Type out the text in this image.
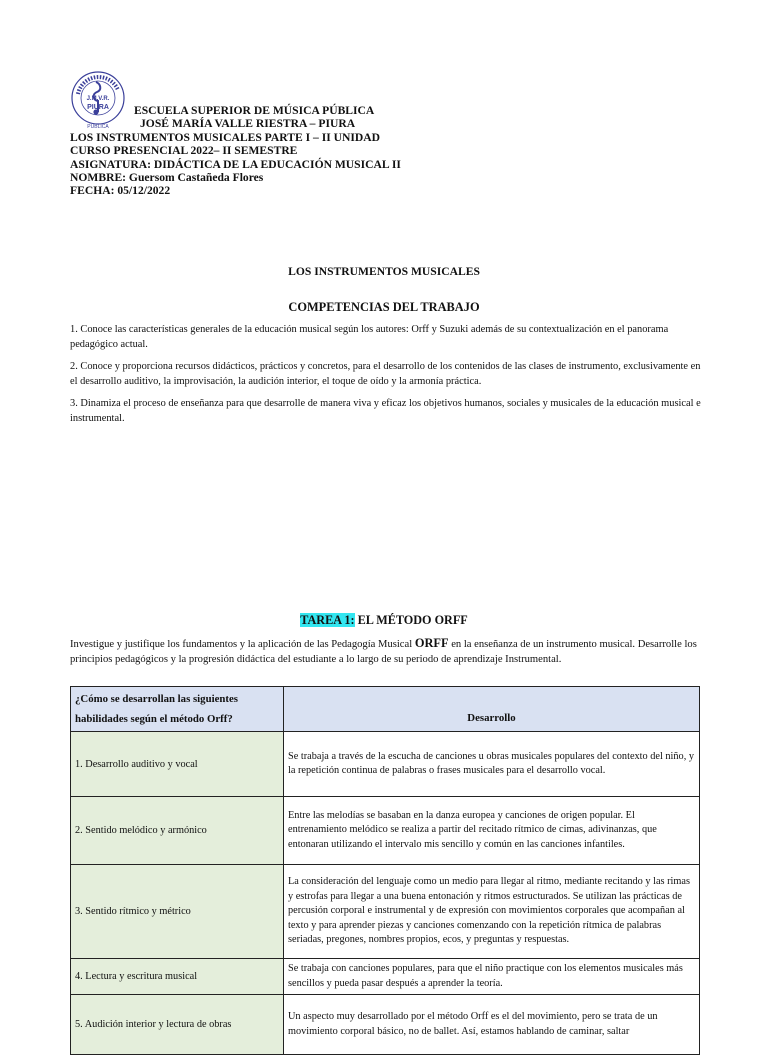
J.M.V.R.
PIURA
PÚBLICA
ESCUELA SUPERIOR DE MÚSICA PÚBLICA
JOSÉ MARÍA VALLE RIESTRA – PIURA
LOS INSTRUMENTOS MUSICALES PARTE I – II UNIDAD
CURSO PRESENCIAL 2022– II SEMESTRE
ASIGNATURA: DIDÁCTICA DE LA EDUCACIÓN MUSICAL II
NOMBRE: Guersom Castañeda Flores
FECHA: 05/12/2022
LOS INSTRUMENTOS MUSICALES
COMPETENCIAS DEL TRABAJO
1. Conoce las características generales de la educación musical según los autores: Orff y Suzuki además de su contextualización en el panorama pedagógico actual.
2. Conoce y proporciona recursos didácticos, prácticos y concretos, para el desarrollo de los contenidos de las clases de instrumento, exclusivamente en el desarrollo auditivo, la improvisación, la audición interior, el toque de oído y la armonía práctica.
3. Dinamiza el proceso de enseñanza para que desarrolle de manera viva y eficaz los objetivos humanos, sociales y musicales de la educación musical e instrumental.
TAREA 1: EL MÉTODO ORFF
Investigue y justifique los fundamentos y la aplicación de las Pedagogía Musical ORFF en la enseñanza de un instrumento musical. Desarrolle los principios pedagógicos y la progresión didáctica del estudiante a lo largo de su periodo de aprendizaje Instrumental.
¿Cómo se desarrollan las siguientes habilidades según el método Orff?	Desarrollo
1. Desarrollo auditivo y vocal	Se trabaja a través de la escucha de canciones u obras musicales populares del contexto del niño, y la repetición continua de palabras o frases musicales para el desarrollo vocal.
2. Sentido melódico y armónico	Entre las melodías se basaban en la danza europea y canciones de origen popular. El entrenamiento melódico se realiza a partir del recitado rítmico de cimas, adivinanzas, que entonaran utilizando el intervalo mis sencillo y común en las canciones infantiles.
3. Sentido rítmico y métrico	La consideración del lenguaje como un medio para llegar al ritmo, mediante recitando y las rimas y estrofas para llegar a una buena entonación y ritmos estructurados. Se utilizan las prácticas de percusión corporal e instrumental y de expresión con movimientos corporales que acompañan al texto y para aprender piezas y canciones comenzando con la repetición rítmica de palabras seriadas, pregones, nombres propios, ecos, y preguntas y respuestas.
4. Lectura y escritura musical	Se trabaja con canciones populares, para que el niño practique con los elementos musicales más sencillos y pueda pasar después a aprender la teoría.
5. Audición interior y lectura de obras	Un aspecto muy desarrollado por el método Orff es el del movimiento, pero se trata de un movimiento corporal básico, no de ballet. Así, estamos hablando de caminar, saltar
